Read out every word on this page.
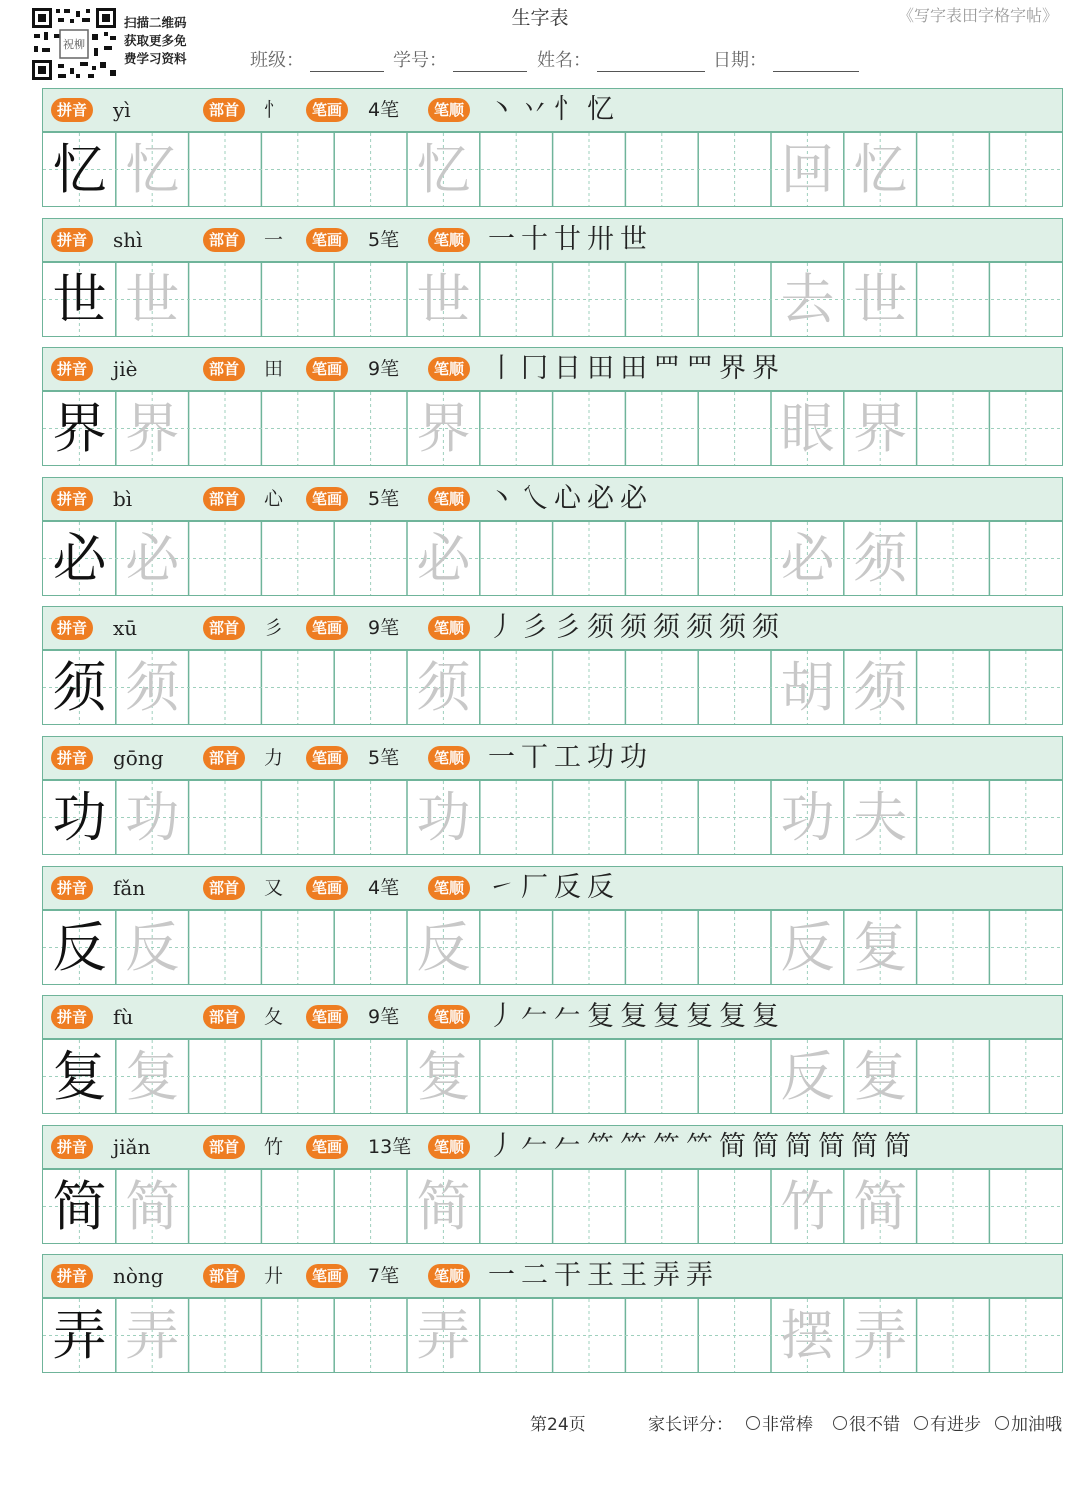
祝柳
扫描二维码
获取更多免
费学习资料
生字表	《写字表田字格字帖》
班级：	学号：	姓名：	日期：
拼音	yì	部首	忄	笔画	4笔	笔顺 丶 丷 忄 忆
忆 忆	忆	回 忆
拼音	shì	部首	一	笔画	5笔	笔顺 一 十 廿 卅 世
世 世	世	去 世
拼音	jiè	部首	田	笔画	9笔	笔顺 丨 冂 日 田 田 罒 罒 界 界
界 界	界	眼 界
拼音	bì	部首	心	笔画	5笔	笔顺 丶 乀 心 必 必
必 必	必	必 须
拼音	xū	部首	彡	笔画	9笔	笔顺 丿 彡 彡 须 须 须 须 须 须
须 须	须	胡 须
拼音	gōng	部首	力	笔画	5笔	笔顺 一 丅 工 功 功
功 功	功	功 夫
拼音	fǎn	部首	又	笔画	4笔	笔顺 ㇀ 厂 反 反
反 反	反	反 复
拼音	fù	部首	夂	笔画	9笔	笔顺 丿 𠂉 𠂉 复 复 复 复 复 复
复 复	复	反 复
拼音	jiǎn	部首	竹	笔画	13笔	笔顺 丿 𠂉 𠂉 ⺮ ⺮ ⺮ ⺮ 简 简 简 简 简 简
简 简	简	竹 简
拼音	nòng	部首	廾	笔画	7笔	笔顺 一 二 干 王 王 弄 弄
弄 弄	弄	摆 弄
第24页	家长评分： 非常棒 很不错 有进步 加油哦
